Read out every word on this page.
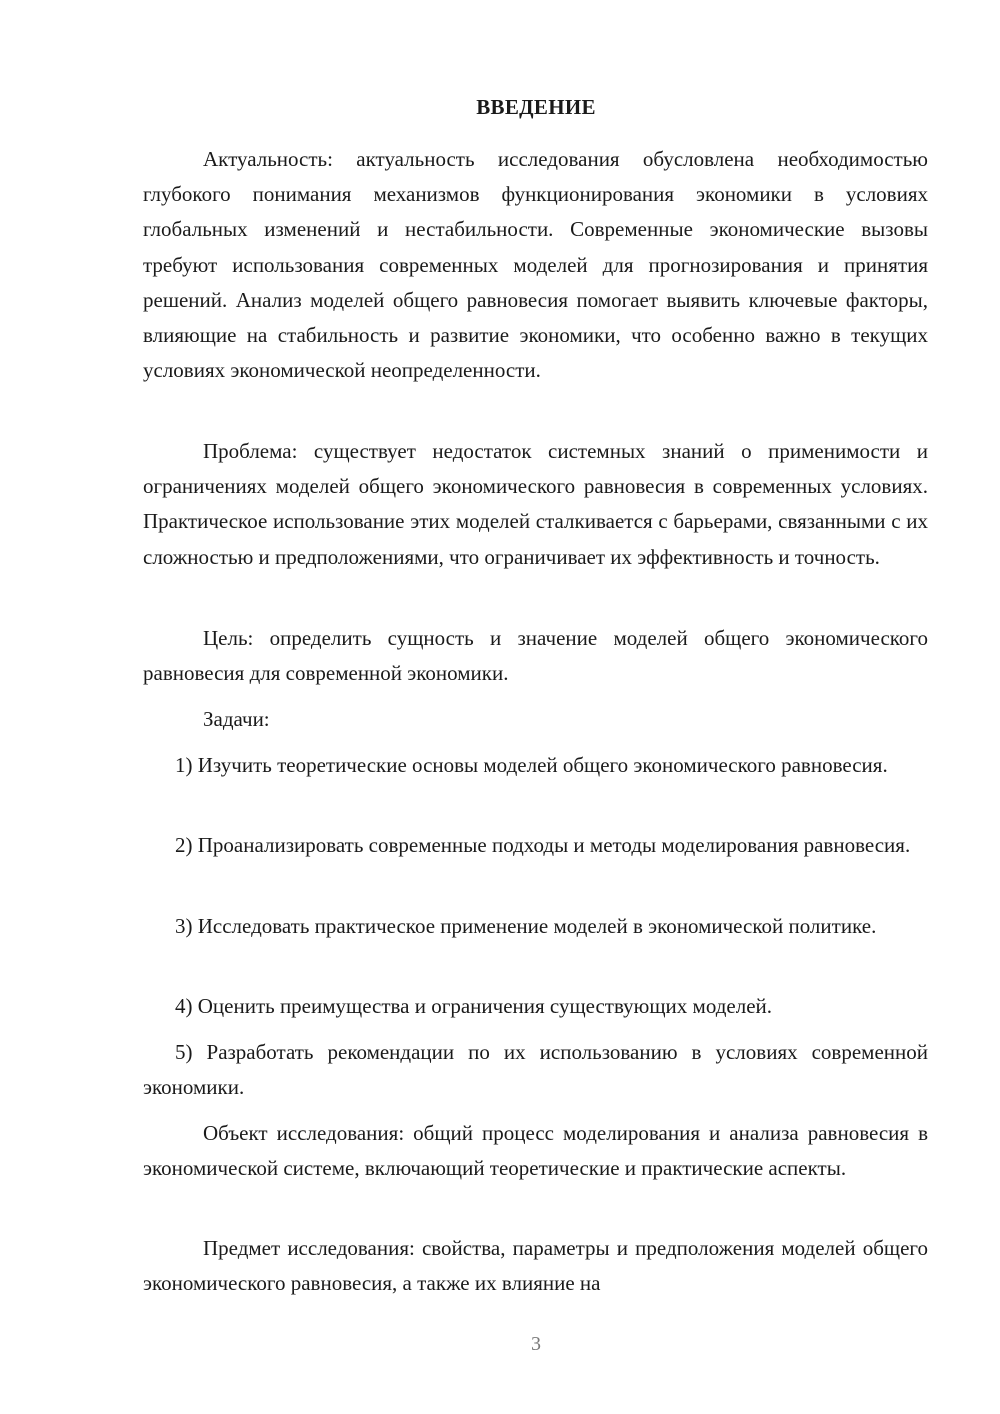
ВВЕДЕНИЕ

Актуальность: актуальность исследования обусловлена необходимостью глубокого понимания механизмов функционирования экономики в условиях глобальных изменений и нестабильности. Современные экономические вызовы требуют использования современных моделей для прогнозирования и принятия решений. Анализ моделей общего равновесия помогает выявить ключевые факторы, влияющие на стабильность и развитие экономики, что особенно важно в текущих условиях экономической неопределенности.

Проблема: существует недостаток системных знаний о применимости и ограничениях моделей общего экономического равновесия в современных условиях. Практическое использование этих моделей сталкивается с барьерами, связанными с их сложностью и предположениями, что ограничивает их эффективность и точность.

Цель: определить сущность и значение моделей общего экономического равновесия для современной экономики.

Задачи:

1) Изучить теоретические основы моделей общего экономического равновесия.

2) Проанализировать современные подходы и методы моделирования равновесия.

3) Исследовать практическое применение моделей в экономической политике.

4) Оценить преимущества и ограничения существующих моделей.

5) Разработать рекомендации по их использованию в условиях современной экономики.

Объект исследования: общий процесс моделирования и анализа равновесия в экономической системе, включающий теоретические и практические аспекты.

Предмет исследования: свойства, параметры и предположения моделей общего экономического равновесия, а также их влияние на

3
